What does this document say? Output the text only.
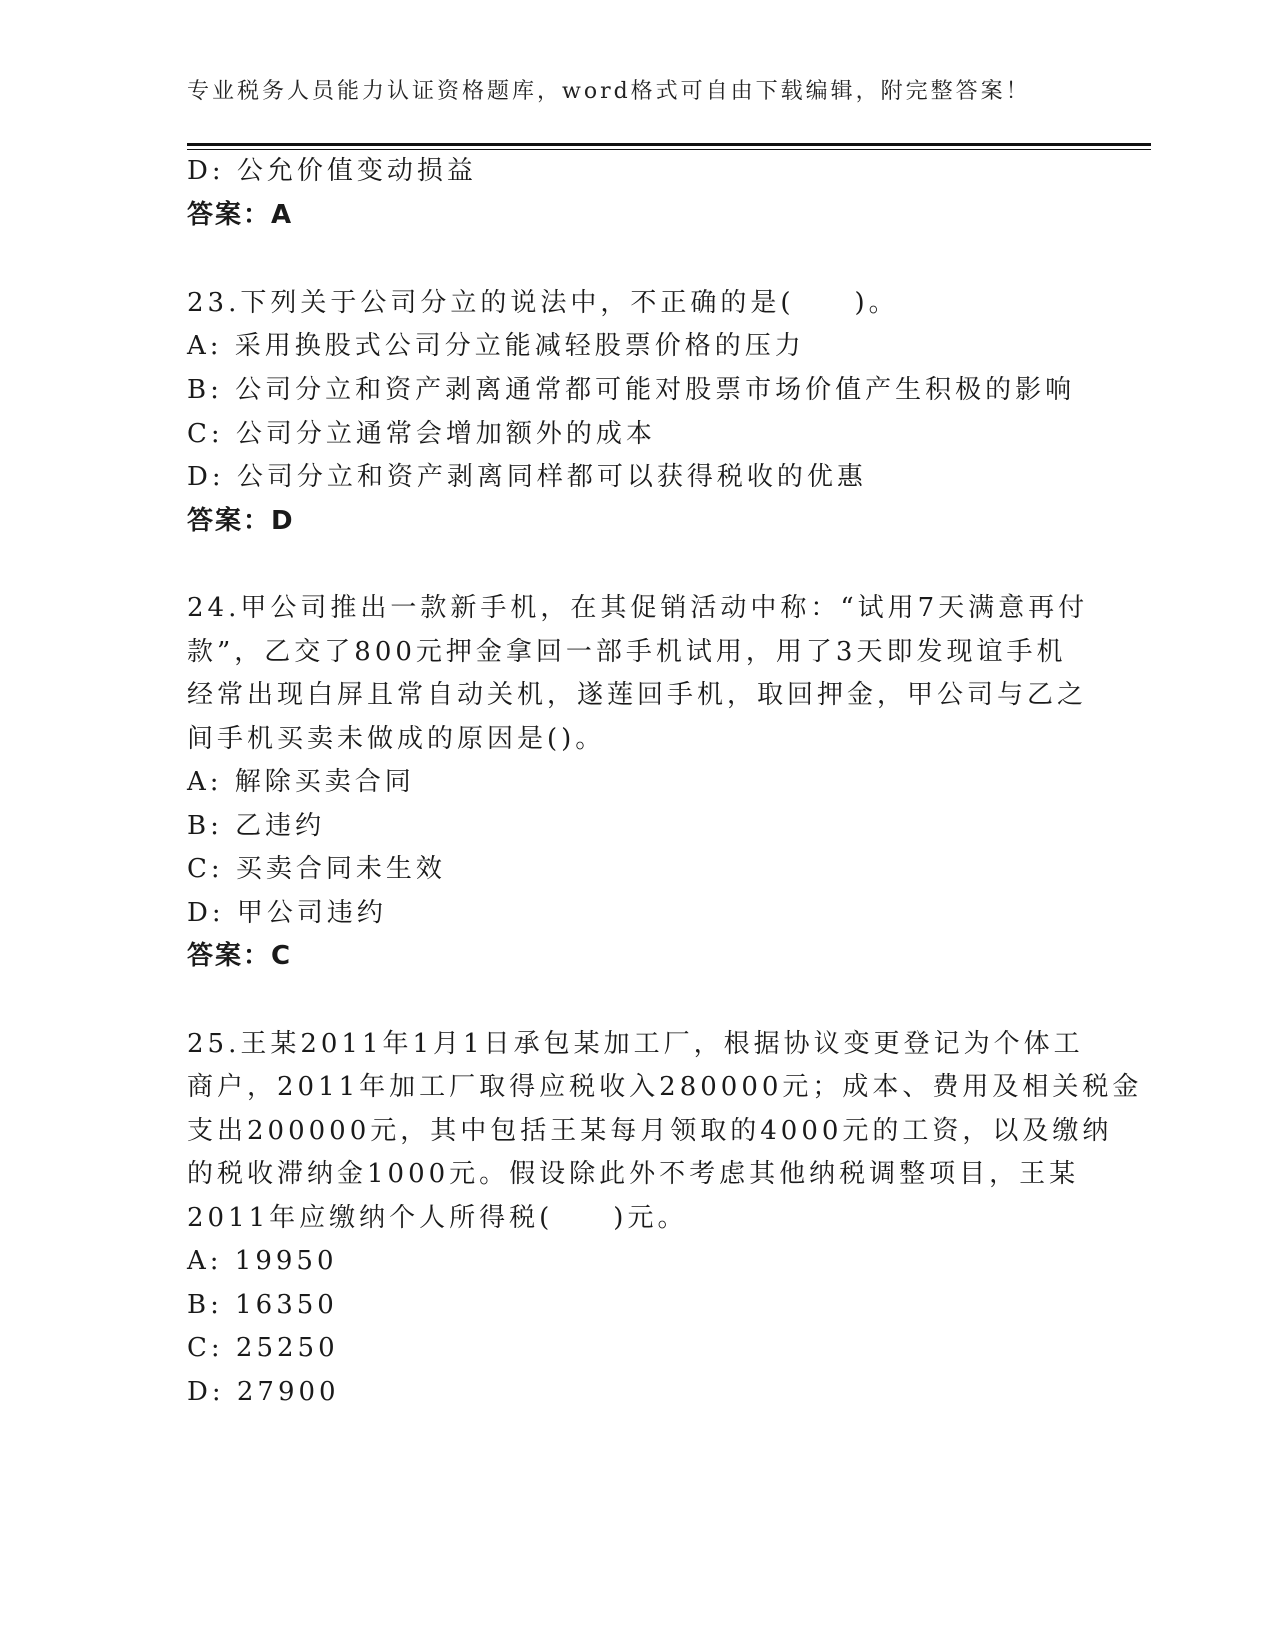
专业税务人员能力认证资格题库，word格式可自由下载编辑，附完整答案！
D: 公允价值变动损益
答案：A
23.下列关于公司分立的说法中，不正确的是(　　)。
A: 采用换股式公司分立能减轻股票价格的压力
B: 公司分立和资产剥离通常都可能对股票市场价值产生积极的影响
C: 公司分立通常会增加额外的成本
D: 公司分立和资产剥离同样都可以获得税收的优惠
答案：D
24.甲公司推出一款新手机，在其促销活动中称：“试用7天满意再付
款”，乙交了800元押金拿回一部手机试用，用了3天即发现谊手机
经常出现白屏且常自动关机，遂莲回手机，取回押金，甲公司与乙之
间手机买卖未做成的原因是()。
A: 解除买卖合同
B: 乙违约
C: 买卖合同未生效
D: 甲公司违约
答案：C
25.王某2011年1月1日承包某加工厂，根据协议变更登记为个体工
商户，2011年加工厂取得应税收入280000元；成本、费用及相关税金
支出200000元，其中包括王某每月领取的4000元的工资，以及缴纳
的税收滞纳金1000元。假设除此外不考虑其他纳税调整项目，王某
2011年应缴纳个人所得税(　　)元。
A: 19950
B: 16350
C: 25250
D: 27900
